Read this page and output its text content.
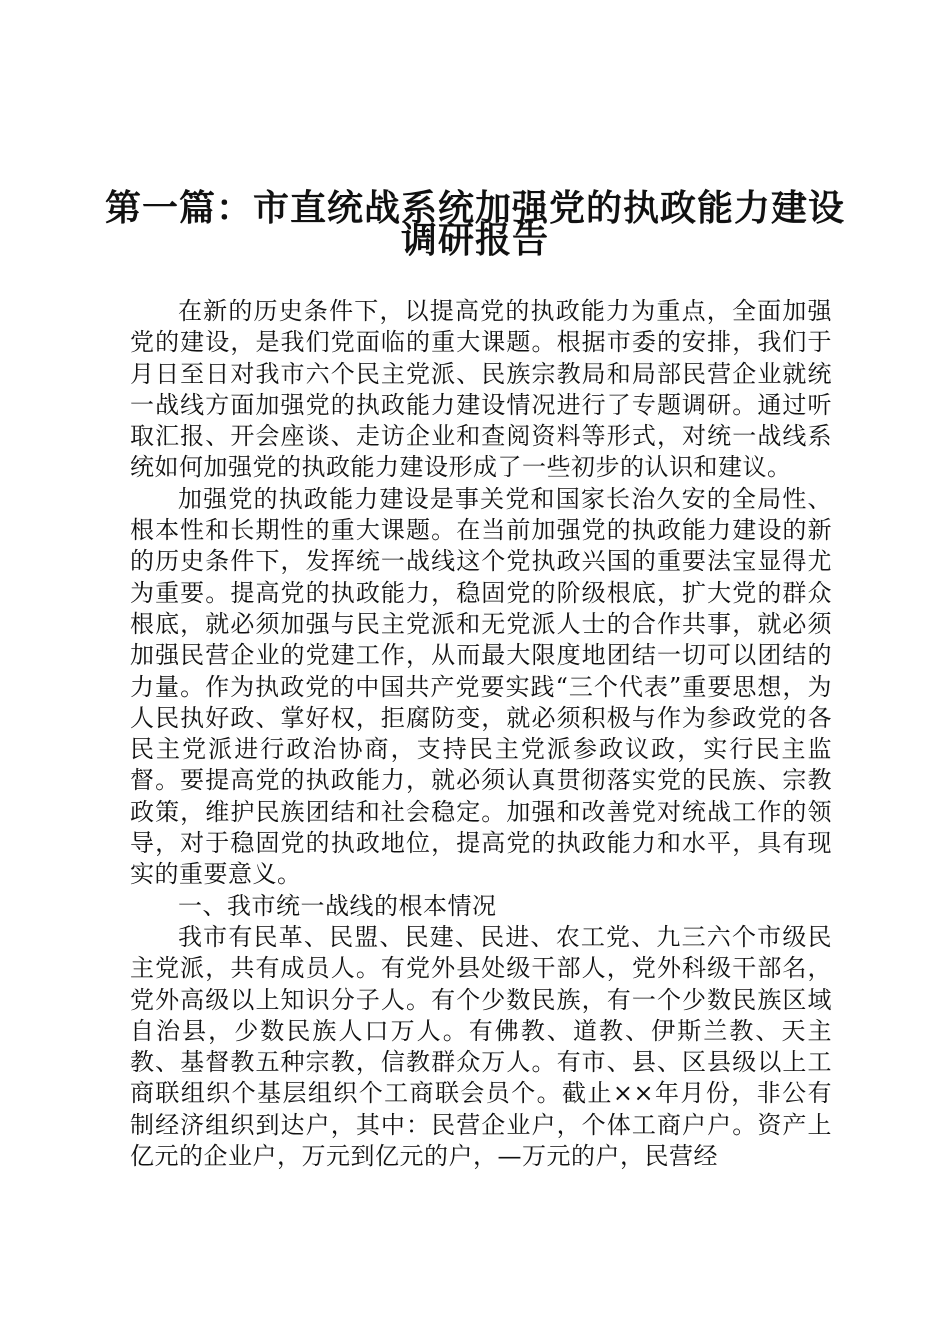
第一篇：市直统战系统加强党的执政能力建设
调研报告

在新的历史条件下，以提高党的执政能力为重点，全面加强党的建设，是我们党面临的重大课题。根据市委的安排，我们于月日至日对我市六个民主党派、民族宗教局和局部民营企业就统一战线方面加强党的执政能力建设情况进行了专题调研。通过听取汇报、开会座谈、走访企业和查阅资料等形式，对统一战线系统如何加强党的执政能力建设形成了一些初步的认识和建议。

加强党的执政能力建设是事关党和国家长治久安的全局性、根本性和长期性的重大课题。在当前加强党的执政能力建设的新的历史条件下，发挥统一战线这个党执政兴国的重要法宝显得尤为重要。提高党的执政能力，稳固党的阶级根底，扩大党的群众根底，就必须加强与民主党派和无党派人士的合作共事，就必须加强民营企业的党建工作，从而最大限度地团结一切可以团结的力量。作为执政党的中国共产党要实践“三个代表”重要思想，为人民执好政、掌好权，拒腐防变，就必须积极与作为参政党的各民主党派进行政治协商，支持民主党派参政议政，实行民主监督。要提高党的执政能力，就必须认真贯彻落实党的民族、宗教政策，维护民族团结和社会稳定。加强和改善党对统战工作的领导，对于稳固党的执政地位，提高党的执政能力和水平，具有现实的重要意义。

一、我市统一战线的根本情况

我市有民革、民盟、民建、民进、农工党、九三六个市级民主党派，共有成员人。有党外县处级干部人，党外科级干部名，党外高级以上知识分子人。有个少数民族，有一个少数民族区域自治县，少数民族人口万人。有佛教、道教、伊斯兰教、天主教、基督教五种宗教，信教群众万人。有市、县、区县级以上工商联组织个基层组织个工商联会员个。截止××年月份，非公有制经济组织到达户，其中：民营企业户，个体工商户户。资产上亿元的企业户，万元到亿元的户，—万元的户，民营经
